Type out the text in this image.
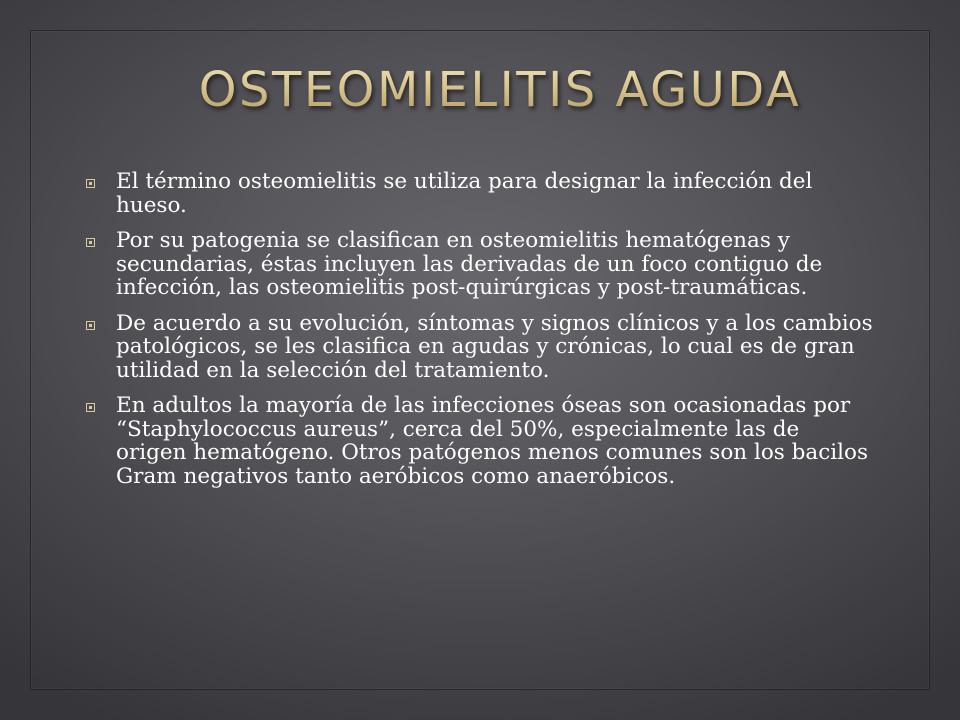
OSTEOMIELITIS AGUDA
El término osteomielitis se utiliza para designar la infección del hueso.
Por su patogenia se clasifican en osteomielitis hematógenas y secundarias, éstas incluyen las derivadas de un foco contiguo de infección, las osteomielitis post-quirúrgicas y post-traumáticas.
De acuerdo a su evolución, síntomas y signos clínicos y a los cambios patológicos, se les clasifica en agudas y crónicas, lo cual es de gran utilidad en la selección del tratamiento.
En adultos la mayoría de las infecciones óseas son ocasionadas por “Staphylococcus aureus”, cerca del 50%, especialmente las de origen hematógeno. Otros patógenos menos comunes son los bacilos Gram negativos tanto aeróbicos como anaeróbicos.
